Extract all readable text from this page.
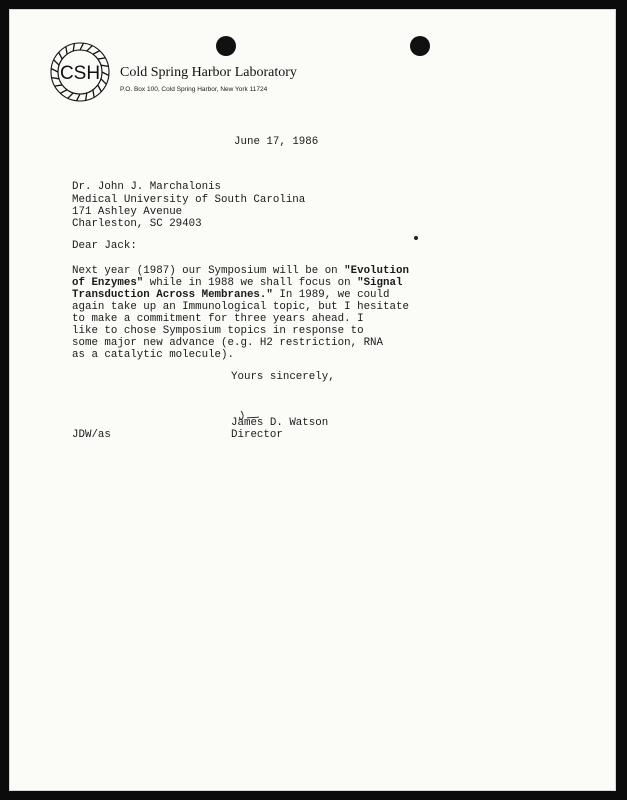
CSH Cold Spring Harbor Laboratory
P.O. Box 100, Cold Spring Harbor, New York 11724
June 17, 1986
Dr. John J. Marchalonis
Medical University of South Carolina
171 Ashley Avenue
Charleston, SC 29403
Dear Jack:
Next year (1987) our Symposium will be on "Evolution
of Enzymes" while in 1988 we shall focus on "Signal
Transduction Across Membranes." In 1989, we could
again take up an Immunological topic, but I hesitate
to make a commitment for three years ahead. I
like to chose Symposium topics in response to
some major new advance (e.g. H2 restriction, RNA
as a catalytic molecule).
Yours sincerely,
James D. Watson
Director
JDW/as
